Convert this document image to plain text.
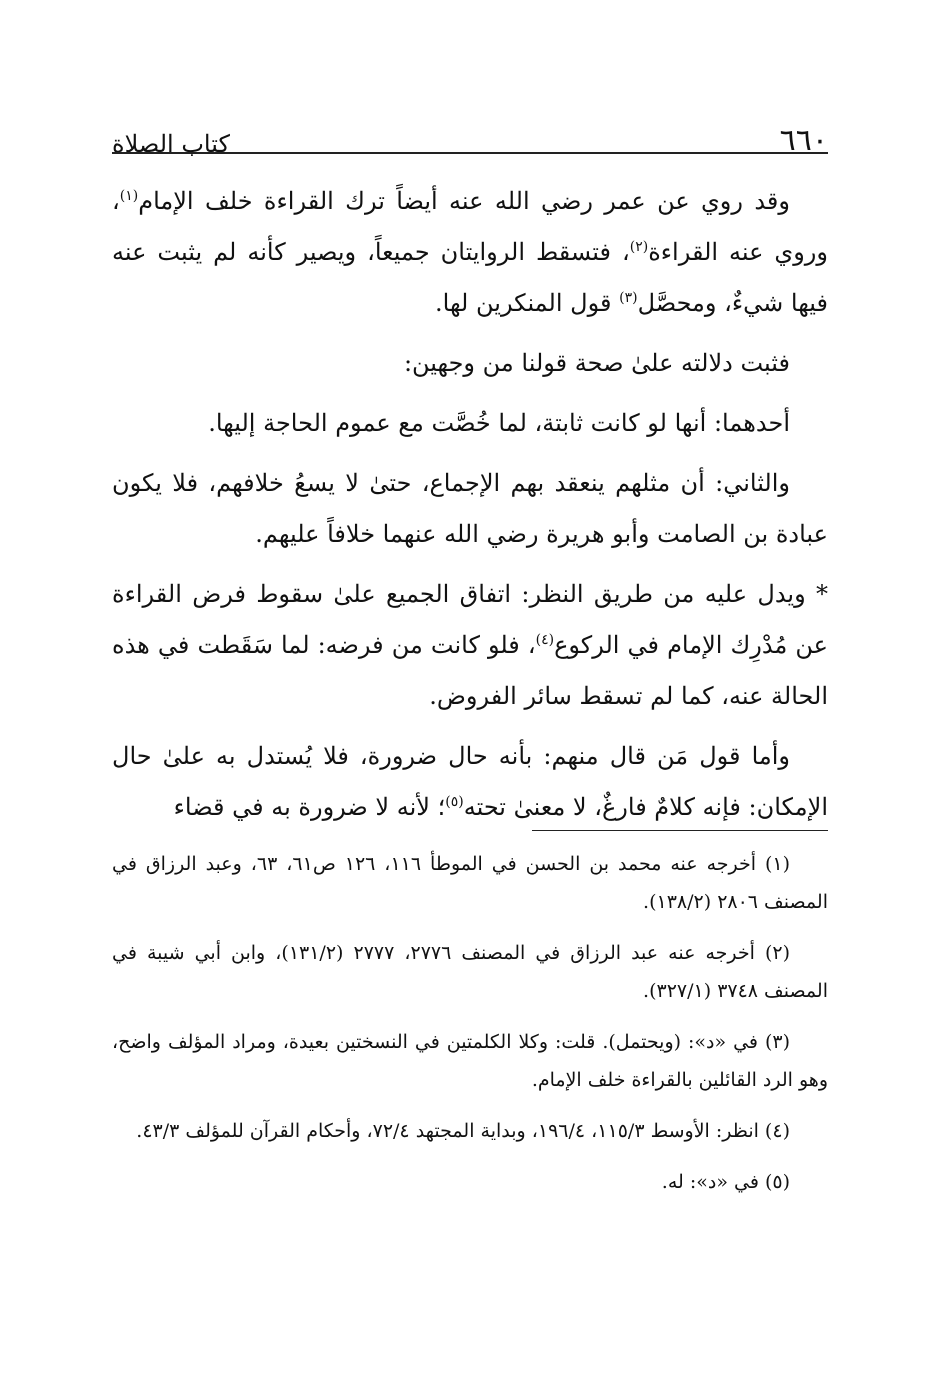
٦٦٠
كتاب الصلاة

وقد روي عن عمر رضي الله عنه أيضاً ترك القراءة خلف الإمام$^{(١)}$، وروي عنه القراءة$^{(٢)}$، فتسقط الروايتان جميعاً، ويصير كأنه لم يثبت عنه فيها شيءٌ، ومحصَّل$^{(٣)}$ قول المنكرين لها.

فثبت دلالته علىٰ صحة قولنا من وجهين:

أحدهما: أنها لو كانت ثابتة، لما خُصَّت مع عموم الحاجة إليها.

والثاني: أن مثلهم ينعقد بهم الإجماع، حتىٰ لا يسعُ خلافهم، فلا يكون عبادة بن الصامت وأبو هريرة رضي الله عنهما خلافاً عليهم.

* ويدل عليه من طريق النظر: اتفاق الجميع علىٰ سقوط فرض القراءة عن مُدْرِك الإمام في الركوع$^{(٤)}$، فلو كانت من فرضه: لما سَقَطت في هذه الحالة عنه، كما لم تسقط سائر الفروض.

وأما قول مَن قال منهم: بأنه حال ضرورة، فلا يُستدل به علىٰ حال الإمكان: فإنه كلامٌ فارغٌ، لا معنىٰ تحته$^{(٥)}$؛ لأنه لا ضرورة به في قضاء

(١) أخرجه عنه محمد بن الحسن في الموطأ ١١٦، ١٢٦ ص٦١، ٦٣، وعبد الرزاق في المصنف ٢٨٠٦ (١٣٨/٢).

(٢) أخرجه عنه عبد الرزاق في المصنف ٢٧٧٦، ٢٧٧٧ (١٣١/٢)، وابن أبي شيبة في المصنف ٣٧٤٨ (٣٢٧/١).

(٣) في «د»: (ويحتمل). قلت: وكلا الكلمتين في النسختين بعيدة، ومراد المؤلف واضح، وهو الرد القائلين بالقراءة خلف الإمام.

(٤) انظر: الأوسط ١١٥/٣، ١٩٦/٤، وبداية المجتهد ٧٢/٤، وأحكام القرآن للمؤلف ٤٣/٣.

(٥) في «د»: له.
